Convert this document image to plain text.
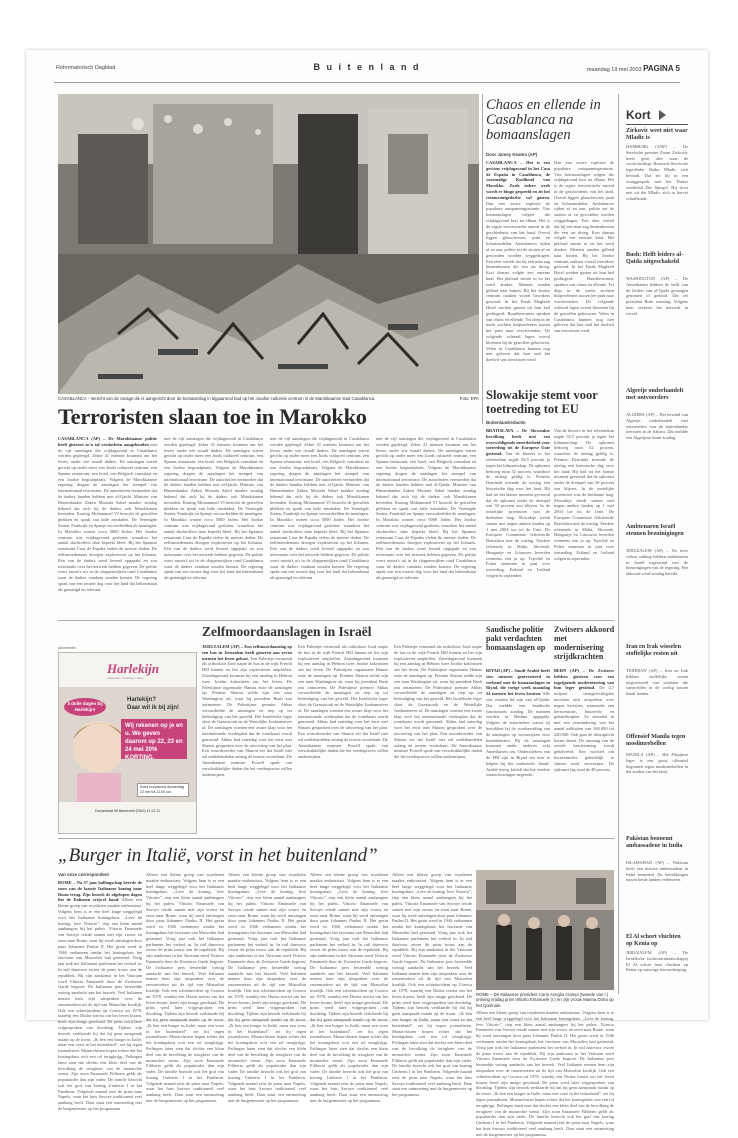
Reformatorisch Dagblad	B u i t e n l a n d	maandag 19 mei 2003 PAGINA 5
CASABLANCA – Bericht van de ravage die is aangericht door de bomaanslag in bijgaanend bad op het Joodse culturele centrum in de Marokkaanse stad Casablanca.	Foto: EPA
Terroristen slaan toe in Marokko
CASABLANCA (AP) – De Marokkaanse politie heeft gisteren zo'n tal verdachten aangehouden met de vijf aanslagen die vrijdagavond in Casablanca werden gepleegd. Zeker 41 mensen kwamen om het leven, onder wie twaalf daders. De aanslagen waren gericht op onder meer een Joods cultureel centrum, een Spaans restaurant, een hotel, een Belgisch consulaat en een Joodse begraafplaats. Volgens de Marokkaanse regering dragen de aanslagen het stempel van internationaal terrorisme. De autoriteiten vermoeden dat de daders banden hebben met al-Qaida. Minister van Binnenlandse Zaken Mostafa Sahel maakte zondag bekend dat zich bij de daders ook Marokkanen bevinden. Koning Mohammed VI bezocht de getroffen plekken en sprak van laffe misdaden. De Verenigde Staten, Frankrijk en Spanje veroordeelden de aanslagen. In Marokko wonen circa 5000 Joden. Het Joodse centrum was vrijdagavond gesloten, waardoor het aantal slachtoffers daar beperkt bleef. Bij het Spaanse restaurant Casa de España vielen de meeste doden. De zelfmoordenaars droegen explosieven op het lichaam. Eén van de daders werd levend opgepakt en zou informatie over het netwerk hebben gegeven. De politie voert razzia's uit in de sloppenwijken rond Casablanca waar de daders vandaan zouden komen. De regering sprak van een zwarte dag voor het land dat bekendstaat als gematigd en tolerant.
met de vijf aanslagen die vrijdagavond in Casablanca werden gepleegd. Zeker 41 mensen kwamen om het leven, onder wie twaalf daders. De aanslagen waren gericht op onder meer een Joods cultureel centrum, een Spaans restaurant, een hotel, een Belgisch consulaat en een Joodse begraafplaats. Volgens de Marokkaanse regering dragen de aanslagen het stempel van internationaal terrorisme. De autoriteiten vermoeden dat de daders banden hebben met al-Qaida. Minister van Binnenlandse Zaken Mostafa Sahel maakte zondag bekend dat zich bij de daders ook Marokkanen bevinden. Koning Mohammed VI bezocht de getroffen plekken en sprak van laffe misdaden. De Verenigde Staten, Frankrijk en Spanje veroordeelden de aanslagen. In Marokko wonen circa 5000 Joden. Het Joodse centrum was vrijdagavond gesloten, waardoor het aantal slachtoffers daar beperkt bleef. Bij het Spaanse restaurant Casa de España vielen de meeste doden. De zelfmoordenaars droegen explosieven op het lichaam. Eén van de daders werd levend opgepakt en zou informatie over het netwerk hebben gegeven. De politie voert razzia's uit in de sloppenwijken rond Casablanca waar de daders vandaan zouden komen. De regering sprak van een zwarte dag voor het land dat bekendstaat als gematigd en tolerant.
met de vijf aanslagen die vrijdagavond in Casablanca werden gepleegd. Zeker 41 mensen kwamen om het leven, onder wie twaalf daders. De aanslagen waren gericht op onder meer een Joods cultureel centrum, een Spaans restaurant, een hotel, een Belgisch consulaat en een Joodse begraafplaats. Volgens de Marokkaanse regering dragen de aanslagen het stempel van internationaal terrorisme. De autoriteiten vermoeden dat de daders banden hebben met al-Qaida. Minister van Binnenlandse Zaken Mostafa Sahel maakte zondag bekend dat zich bij de daders ook Marokkanen bevinden. Koning Mohammed VI bezocht de getroffen plekken en sprak van laffe misdaden. De Verenigde Staten, Frankrijk en Spanje veroordeelden de aanslagen. In Marokko wonen circa 5000 Joden. Het Joodse centrum was vrijdagavond gesloten, waardoor het aantal slachtoffers daar beperkt bleef. Bij het Spaanse restaurant Casa de España vielen de meeste doden. De zelfmoordenaars droegen explosieven op het lichaam. Eén van de daders werd levend opgepakt en zou informatie over het netwerk hebben gegeven. De politie voert razzia's uit in de sloppenwijken rond Casablanca waar de daders vandaan zouden komen. De regering sprak van een zwarte dag voor het land dat bekendstaat als gematigd en tolerant.
met de vijf aanslagen die vrijdagavond in Casablanca werden gepleegd. Zeker 41 mensen kwamen om het leven, onder wie twaalf daders. De aanslagen waren gericht op onder meer een Joods cultureel centrum, een Spaans restaurant, een hotel, een Belgisch consulaat en een Joodse begraafplaats. Volgens de Marokkaanse regering dragen de aanslagen het stempel van internationaal terrorisme. De autoriteiten vermoeden dat de daders banden hebben met al-Qaida. Minister van Binnenlandse Zaken Mostafa Sahel maakte zondag bekend dat zich bij de daders ook Marokkanen bevinden. Koning Mohammed VI bezocht de getroffen plekken en sprak van laffe misdaden. De Verenigde Staten, Frankrijk en Spanje veroordeelden de aanslagen. In Marokko wonen circa 5000 Joden. Het Joodse centrum was vrijdagavond gesloten, waardoor het aantal slachtoffers daar beperkt bleef. Bij het Spaanse restaurant Casa de España vielen de meeste doden. De zelfmoordenaars droegen explosieven op het lichaam. Eén van de daders werd levend opgepakt en zou informatie over het netwerk hebben gegeven. De politie voert razzia's uit in de sloppenwijken rond Casablanca waar de daders vandaan zouden komen. De regering sprak van een zwarte dag voor het land dat bekendstaat als gematigd en tolerant.
Chaos en ellende in Casablanca na bomaanslagen
Door Jamey Keaten (AP)
CASABLANCA – Het is een gewone vrijdagavond in het Casa de España in Casablanca, de voormalige Koolhoud van Marokko. Zoals iedere week wordt er bingo gespeeld en zit het restaurantgedeelte vol gasten. Dan een zware explosie de populaire ontspanningsruimte. Vier bomaanslagen volgen die vrijdagavond kort na elkaar. Het is de ergste terroristische aanval in de geschiedenis van het land. Overal liggen glasscherven, puin en lichaamsdelen. Ambulances rijden af en aan, politie zet de straten af en gewonden worden weggedragen. Een ober vertelt dat hij een man zag binnenkomen die een tas droeg. Kort daarna volgde een enorme knal. Het plafond stortte in en het werd donker. Mensen renden gillend naar buiten. Bij het Joodse centrum raakten vooral bewakers gewond. In het Farah Maghreb Hotel werden gasten uit hun bed geslingerd. Buurtbewoners spraken van chaos en ellende. Tot diep in de nacht zochten hulpverleners tussen het puin naar overlevenden. De volgende ochtend lagen overal bloemen bij de getroffen gebouwen. Velen in Casablanca kunnen nog niet geloven dat hun stad het doelwit van terroristen werd.
Dan een zware explosie de populaire ontspanningsruimte. Vier bomaanslagen volgen die vrijdagavond kort na elkaar. Het is de ergste terroristische aanval in de geschiedenis van het land. Overal liggen glasscherven, puin en lichaamsdelen. Ambulances rijden af en aan, politie zet de straten af en gewonden worden weggedragen. Een ober vertelt dat hij een man zag binnenkomen die een tas droeg. Kort daarna volgde een enorme knal. Het plafond stortte in en het werd donker. Mensen renden gillend naar buiten. Bij het Joodse centrum raakten vooral bewakers gewond. In het Farah Maghreb Hotel werden gasten uit hun bed geslingerd. Buurtbewoners spraken van chaos en ellende. Tot diep in de nacht zochten hulpverleners tussen het puin naar overlevenden. De volgende ochtend lagen overal bloemen bij de getroffen gebouwen. Velen in Casablanca kunnen nog niet geloven dat hun stad het doelwit van terroristen werd.
Slowakije stemt voor toetreding tot EU
Buitenlandredactie
BRATISLAVA – De Slowaakse bevolking heeft met een overweldigende meerderheid voor toetreding tot de Europese Unie gestemd. Van de kiezers in het referendum zegde 92,5 procent ja tegen het lidmaatschap. De opkomst bedroeg ruim 52 procent, waardoor de uitslag geldig is. Premier Dzurinda noemde de uitslag een historische dag voor het land. Hij had tot het laatste moment gevreesd dat de opkomst onder de drempel van 50 procent zou blijven. In de oostelijke provincies was de deelname laag. Slowakije treedt samen met negen andere landen op 1 mei 2004 toe tot de Unie. De Europese Commissie feliciteerde Bratislava met de uitslag. Eerdere referenda in Malta, Slovenië, Hongarije en Litouwen leverden eveneens een ja op. Tsjechië en Polen stemmen in juni over toetreding. Estland en Letland volgen in september.
Van de kiezers in het referendum zegde 92,5 procent ja tegen het lidmaatschap. De opkomst bedroeg ruim 52 procent, waardoor de uitslag geldig is. Premier Dzurinda noemde de uitslag een historische dag voor het land. Hij had tot het laatste moment gevreesd dat de opkomst onder de drempel van 50 procent zou blijven. In de oostelijke provincies was de deelname laag. Slowakije treedt samen met negen andere landen op 1 mei 2004 toe tot de Unie. De Europese Commissie feliciteerde Bratislava met de uitslag. Eerdere referenda in Malta, Slovenië, Hongarije en Litouwen leverden eveneens een ja op. Tsjechië en Polen stemmen in juni over toetreding. Estland en Letland volgen in september.
Advertentie
Harlekijn
schoenen • kinderen • baby
3 dolle dagen bij Harlekijn!
Harlekijn?
Daar wil ik bij zijn!
Wij rekenen op je en u. We geven daarom op 22, 23 en 24 mei 20% KORTING.
Extra koopavond donderdag 22 mei tot 21.00 uur
Dorpsstraat 98 Barneveld (0342) 41 02 11
Zelfmoordaanslagen in Israël
JERUZALEM (AP) – Een zelfmoordaanslag op een bus in Jeruzalem heeft gisteren aan zeven mensen het leven gekost. Een Palestijn vermomd als orthodoxe Jood stapte de bus in de wijk French Hill binnen en liet zijn explosieven ontploffen. Zaterdagavond kwamen bij een aanslag in Hebron twee Joodse kolonisten om het leven. De Palestijnse organisatie Hamas eiste de aanslagen op. Premier Sharon stelde zijn reis naar Washington uit, waar hij president Bush zou ontmoeten. De Palestijnse premier Abbas veroordeelde de aanslagen en riep op tot beëindiging van het geweld. Het Israëlische leger sloot de Gazastrook en de Westelijke Jordaanoever af. De aanslagen vormen een zware klap voor het internationale vredesplan dat de routekaart wordt genoemd. Abbas had zaterdag voor het eerst met Sharon gesproken over de uitvoering van het plan. Een woordvoerder van Sharon zei dat Israël niet zal onderhandelen zolang de terreur voortduurt. De Amerikaanse minister Powell sprak van verschrikkelijke daden die het vredesproces willen ondermijnen.
Een Palestijn vermomd als orthodoxe Jood stapte de bus in de wijk French Hill binnen en liet zijn explosieven ontploffen. Zaterdagavond kwamen bij een aanslag in Hebron twee Joodse kolonisten om het leven. De Palestijnse organisatie Hamas eiste de aanslagen op. Premier Sharon stelde zijn reis naar Washington uit, waar hij president Bush zou ontmoeten. De Palestijnse premier Abbas veroordeelde de aanslagen en riep op tot beëindiging van het geweld. Het Israëlische leger sloot de Gazastrook en de Westelijke Jordaanoever af. De aanslagen vormen een zware klap voor het internationale vredesplan dat de routekaart wordt genoemd. Abbas had zaterdag voor het eerst met Sharon gesproken over de uitvoering van het plan. Een woordvoerder van Sharon zei dat Israël niet zal onderhandelen zolang de terreur voortduurt. De Amerikaanse minister Powell sprak van verschrikkelijke daden die het vredesproces willen ondermijnen.
Een Palestijn vermomd als orthodoxe Jood stapte de bus in de wijk French Hill binnen en liet zijn explosieven ontploffen. Zaterdagavond kwamen bij een aanslag in Hebron twee Joodse kolonisten om het leven. De Palestijnse organisatie Hamas eiste de aanslagen op. Premier Sharon stelde zijn reis naar Washington uit, waar hij president Bush zou ontmoeten. De Palestijnse premier Abbas veroordeelde de aanslagen en riep op tot beëindiging van het geweld. Het Israëlische leger sloot de Gazastrook en de Westelijke Jordaanoever af. De aanslagen vormen een zware klap voor het internationale vredesplan dat de routekaart wordt genoemd. Abbas had zaterdag voor het eerst met Sharon gesproken over de uitvoering van het plan. Een woordvoerder van Sharon zei dat Israël niet zal onderhandelen zolang de terreur voortduurt. De Amerikaanse minister Powell sprak van verschrikkelijke daden die het vredesproces willen ondermijnen.
Saudische politie pakt verdachten bomaanslagen op
RIYAD (AP) – Saudi-Arabië heeft vier mensen gearresteerd in verband met de bomaanslagen in Riyad, die vorige week maandag 34 mensen het leven kostten. Alle vier zouden lid zijn van al-Qaida. Dat meldde een Saudische functionaris zondag. De mannen werden in Medina opgepakt. Volgens de autoriteiten waren zij betrokken bij de voorbereiding van de aanslagen op woonwijken voor buitenlanders. Bij de aanslagen kwamen onder anderen acht Amerikanen om. Onderzoekers van de FBI zijn in Riyad om mee te helpen bij het onderzoek. Saudi-Arabië kreeg kritiek dat het eerdere waarschuwingen negeerde.
Zwitsers akkoord met modernisering strijdkrachten
BERN (AP) – De Zwitsers hebben gisteren voor een ingrijpende modernisering van hun leger gestemd. De 4,7 miljoen stemgerechtigden mochten zich uitspreken over negen kwesties, waaronder een kerncentrale, huurrecht en gehandicapten. Ze stemden in met een vermindering van het aantal militairen van 360.000 tot 220.000. Ook gaat de dienstplicht korter duren. De omvang van de civiele bescherming wordt gehalveerd. Een voorstel om kerncentrales geleidelijk te sluiten werd verworpen. De opkomst lag rond de 49 procent.
„Burger in Italië, vorst in het buitenland”
Van onze correspondent
ROME – Na 57 jaar ballingschap keerde de zoon van de laatste Italiaanse koning naar Rome terug. Zijn bezoek de afgelopen dagen liet de Italianen vrijwel koud. Alleen een kleine groep van royalisten maakte enthousiast. Volgens hem is er een heel lange weggelegd voor het Italiaanse koningshuis. „Leve de koning, leve Vittorio”, riep een klein aantal aanhangers bij het paleis. Vittorio Emanuele van Savoye reisde samen met zijn vrouw en zoon naar Rome, waar hij werd ontvangen door paus Johannes Paulus II. Het gezin werd in 1946 verbannen omdat het koningshuis het fascisme van Mussolini had gesteund. Vorig jaar trok het Italiaanse parlement het verbod in. In ruil daarvoor zwoer de prins trouw aan de republiek. Bij zijn aankomst in het Vaticaan werd Vittorio Emanuele door de Zwitserse Garde begroet. De Italiaanse pers besteedde weinig aandacht aan het bezoek. Veel Italianen nemen hem zijn uitspraken over de rassenwetten uit de tijd van Mussolini kwalijk. Ook een schietincident op Corsica uit 1978, waarbij een Duitse toerist om het leven kwam, heeft zijn imago geschaad. De prins werd later vrijgesproken van doodslag. Tijdens zijn bezoek verklaarde hij dat hij geen aanspraak maakt op de troon. „Ik ben een burger in Italië, maar een vorst in het buitenland”, zei hij tegen journalisten. Monarchisten hopen echter dat het koningshuis ooit een rol terugkrijgt. Peilingen laten zien dat slechts een klein deel van de bevolking de terugkeer van de monarchie wenst. Zijn zoon Emanuele Filiberto geldt als populairder dan zijn vader. De familie bezocht ook het graf van koning Umberto I in het Pantheon. Volgende maand reist de prins naar Napels, waar het huis Savoye traditioneel veel aanhang heeft. Daar staat een ontmoeting met de burgemeester op het programma.
Alleen een kleine groep van royalisten maakte enthousiast. Volgens hem is er een heel lange weggelegd voor het Italiaanse koningshuis. „Leve de koning, leve Vittorio”, riep een klein aantal aanhangers bij het paleis. Vittorio Emanuele van Savoye reisde samen met zijn vrouw en zoon naar Rome, waar hij werd ontvangen door paus Johannes Paulus II. Het gezin werd in 1946 verbannen omdat het koningshuis het fascisme van Mussolini had gesteund. Vorig jaar trok het Italiaanse parlement het verbod in. In ruil daarvoor zwoer de prins trouw aan de republiek. Bij zijn aankomst in het Vaticaan werd Vittorio Emanuele door de Zwitserse Garde begroet. De Italiaanse pers besteedde weinig aandacht aan het bezoek. Veel Italianen nemen hem zijn uitspraken over de rassenwetten uit de tijd van Mussolini kwalijk. Ook een schietincident op Corsica uit 1978, waarbij een Duitse toerist om het leven kwam, heeft zijn imago geschaad. De prins werd later vrijgesproken van doodslag. Tijdens zijn bezoek verklaarde hij dat hij geen aanspraak maakt op de troon. „Ik ben een burger in Italië, maar een vorst in het buitenland”, zei hij tegen journalisten. Monarchisten hopen echter dat het koningshuis ooit een rol terugkrijgt. Peilingen laten zien dat slechts een klein deel van de bevolking de terugkeer van de monarchie wenst. Zijn zoon Emanuele Filiberto geldt als populairder dan zijn vader. De familie bezocht ook het graf van koning Umberto I in het Pantheon. Volgende maand reist de prins naar Napels, waar het huis Savoye traditioneel veel aanhang heeft. Daar staat een ontmoeting met de burgemeester op het programma.
Alleen een kleine groep van royalisten maakte enthousiast. Volgens hem is er een heel lange weggelegd voor het Italiaanse koningshuis. „Leve de koning, leve Vittorio”, riep een klein aantal aanhangers bij het paleis. Vittorio Emanuele van Savoye reisde samen met zijn vrouw en zoon naar Rome, waar hij werd ontvangen door paus Johannes Paulus II. Het gezin werd in 1946 verbannen omdat het koningshuis het fascisme van Mussolini had gesteund. Vorig jaar trok het Italiaanse parlement het verbod in. In ruil daarvoor zwoer de prins trouw aan de republiek. Bij zijn aankomst in het Vaticaan werd Vittorio Emanuele door de Zwitserse Garde begroet. De Italiaanse pers besteedde weinig aandacht aan het bezoek. Veel Italianen nemen hem zijn uitspraken over de rassenwetten uit de tijd van Mussolini kwalijk. Ook een schietincident op Corsica uit 1978, waarbij een Duitse toerist om het leven kwam, heeft zijn imago geschaad. De prins werd later vrijgesproken van doodslag. Tijdens zijn bezoek verklaarde hij dat hij geen aanspraak maakt op de troon. „Ik ben een burger in Italië, maar een vorst in het buitenland”, zei hij tegen journalisten. Monarchisten hopen echter dat het koningshuis ooit een rol terugkrijgt. Peilingen laten zien dat slechts een klein deel van de bevolking de terugkeer van de monarchie wenst. Zijn zoon Emanuele Filiberto geldt als populairder dan zijn vader. De familie bezocht ook het graf van koning Umberto I in het Pantheon. Volgende maand reist de prins naar Napels, waar het huis Savoye traditioneel veel aanhang heeft. Daar staat een ontmoeting met de burgemeester op het programma.
Alleen een kleine groep van royalisten maakte enthousiast. Volgens hem is er een heel lange weggelegd voor het Italiaanse koningshuis. „Leve de koning, leve Vittorio”, riep een klein aantal aanhangers bij het paleis. Vittorio Emanuele van Savoye reisde samen met zijn vrouw en zoon naar Rome, waar hij werd ontvangen door paus Johannes Paulus II. Het gezin werd in 1946 verbannen omdat het koningshuis het fascisme van Mussolini had gesteund. Vorig jaar trok het Italiaanse parlement het verbod in. In ruil daarvoor zwoer de prins trouw aan de republiek. Bij zijn aankomst in het Vaticaan werd Vittorio Emanuele door de Zwitserse Garde begroet. De Italiaanse pers besteedde weinig aandacht aan het bezoek. Veel Italianen nemen hem zijn uitspraken over de rassenwetten uit de tijd van Mussolini kwalijk. Ook een schietincident op Corsica uit 1978, waarbij een Duitse toerist om het leven kwam, heeft zijn imago geschaad. De prins werd later vrijgesproken van doodslag. Tijdens zijn bezoek verklaarde hij dat hij geen aanspraak maakt op de troon. „Ik ben een burger in Italië, maar een vorst in het buitenland”, zei hij tegen journalisten. Monarchisten hopen echter dat het koningshuis ooit een rol terugkrijgt. Peilingen laten zien dat slechts een klein deel van de bevolking de terugkeer van de monarchie wenst. Zijn zoon Emanuele Filiberto geldt als populairder dan zijn vader. De familie bezocht ook het graf van koning Umberto I in het Pantheon. Volgende maand reist de prins naar Napels, waar het huis Savoye traditioneel veel aanhang heeft. Daar staat een ontmoeting met de burgemeester op het programma.
Alleen een kleine groep van royalisten maakte enthousiast. Volgens hem is er een heel lange weggelegd voor het Italiaanse koningshuis. „Leve de koning, leve Vittorio”, riep een klein aantal aanhangers bij het paleis. Vittorio Emanuele van Savoye reisde samen met zijn vrouw en zoon naar Rome, waar hij werd ontvangen door paus Johannes Paulus II. Het gezin werd in 1946 verbannen omdat het koningshuis het fascisme van Mussolini had gesteund. Vorig jaar trok het Italiaanse parlement het verbod in. In ruil daarvoor zwoer de prins trouw aan de republiek. Bij zijn aankomst in het Vaticaan werd Vittorio Emanuele door de Zwitserse Garde begroet. De Italiaanse pers besteedde weinig aandacht aan het bezoek. Veel Italianen nemen hem zijn uitspraken over de rassenwetten uit de tijd van Mussolini kwalijk. Ook een schietincident op Corsica uit 1978, waarbij een Duitse toerist om het leven kwam, heeft zijn imago geschaad. De prins werd later vrijgesproken van doodslag. Tijdens zijn bezoek verklaarde hij dat hij geen aanspraak maakt op de troon. „Ik ben een burger in Italië, maar een vorst in het buitenland”, zei hij tegen journalisten. Monarchisten hopen echter dat het koningshuis ooit een rol terugkrijgt. Peilingen laten zien dat slechts een klein deel van de bevolking de terugkeer van de monarchie wenst. Zijn zoon Emanuele Filiberto geldt als populairder dan zijn vader. De familie bezocht ook het graf van koning Umberto I in het Pantheon. Volgende maand reist de prins naar Napels, waar het huis Savoye traditioneel veel aanhang heeft. Daar staat een ontmoeting met de burgemeester op het programma.
ROME – De Italiaanse president Carlo Azeglio Ciampi (tweede van r.) ontving vrijdag prins Vittorio Emanuele (r.) en zijn vrouw Marina Doria op het Quirinale.
Alleen een kleine groep van royalisten maakte enthousiast. Volgens hem is er een heel lange weggelegd voor het Italiaanse koningshuis. „Leve de koning, leve Vittorio”, riep een klein aantal aanhangers bij het paleis. Vittorio Emanuele van Savoye reisde samen met zijn vrouw en zoon naar Rome, waar hij werd ontvangen door paus Johannes Paulus II. Het gezin werd in 1946 verbannen omdat het koningshuis het fascisme van Mussolini had gesteund. Vorig jaar trok het Italiaanse parlement het verbod in. In ruil daarvoor zwoer de prins trouw aan de republiek. Bij zijn aankomst in het Vaticaan werd Vittorio Emanuele door de Zwitserse Garde begroet. De Italiaanse pers besteedde weinig aandacht aan het bezoek. Veel Italianen nemen hem zijn uitspraken over de rassenwetten uit de tijd van Mussolini kwalijk. Ook een schietincident op Corsica uit 1978, waarbij een Duitse toerist om het leven kwam, heeft zijn imago geschaad. De prins werd later vrijgesproken van doodslag. Tijdens zijn bezoek verklaarde hij dat hij geen aanspraak maakt op de troon. „Ik ben een burger in Italië, maar een vorst in het buitenland”, zei hij tegen journalisten. Monarchisten hopen echter dat het koningshuis ooit een rol terugkrijgt. Peilingen laten zien dat slechts een klein deel van de bevolking de terugkeer van de monarchie wenst. Zijn zoon Emanuele Filiberto geldt als populairder dan zijn vader. De familie bezocht ook het graf van koning Umberto I in het Pantheon. Volgende maand reist de prins naar Napels, waar het huis Savoye traditioneel veel aanhang heeft. Daar staat een ontmoeting met de burgemeester op het programma.
Kort
Zirkovic weet niet waar Mladic is
HAMBURG (ANP) – De Servische premier Zoran Zivkovic heeft geen idee waar de voortvluchtige Bosnisch-Servische legerleider Ratko Mladic zich bevindt. Dat zei hij in een vraaggesprek met het Duitse weekblad Der Spiegel. Hij sloot niet uit dat Mladic zich in Servië schuilhoudt.
Bush: Helft leiders al-Qaida uitgeschakeld
WASHINGTON (AP) – De Amerikanen hebben de helft van de leiders van al-Qaida gevangen genomen of gedood. Dat zei president Bush zaterdag. Volgens hem verkeert het netwerk in verval.
Algerije onderhandelt met ontvoerders
ALGIERS (AP) – Het bewind van Algerije onderhandelt met ontvoerders van de buitenlandse toeristen in de Sahara. Dat meldde een Algerijnse krant zondag.
Ambtenaren Israël steunen bezuinigingen
JERUZALEM (AP) – Na twee weken staking hebben ambtenaren in Israël ingestemd met de bezuinigingen van de regering. Het akkoord werd zondag bereikt.
Iran en Irak wisselen stoffelijke resten uit
TEHERAN (AP) – Iran en Irak hebben stoffelijke resten uitgewisseld van soldaten die sneuvelden in de oorlog tussen beide landen.
Offensief Manila tegen moslimrebellen
MANILA (AP) – Het Filipijnse leger is een groot offensief begonnen tegen moslimrebellen in het zuiden van het land.
Pakistan benoemt ambassadeur in India
ISLAMABAD (AP) – Pakistan heeft een nieuwe ambassadeur in India benoemd. De betrekkingen tussen beide landen verbeteren.
El Al schort vluchten op Kenia op
JERUZALEM (AP) – De Israëlische luchtvaartmaatschappij El Al schort haar vluchten op Kenia op vanwege terreurdreiging.
